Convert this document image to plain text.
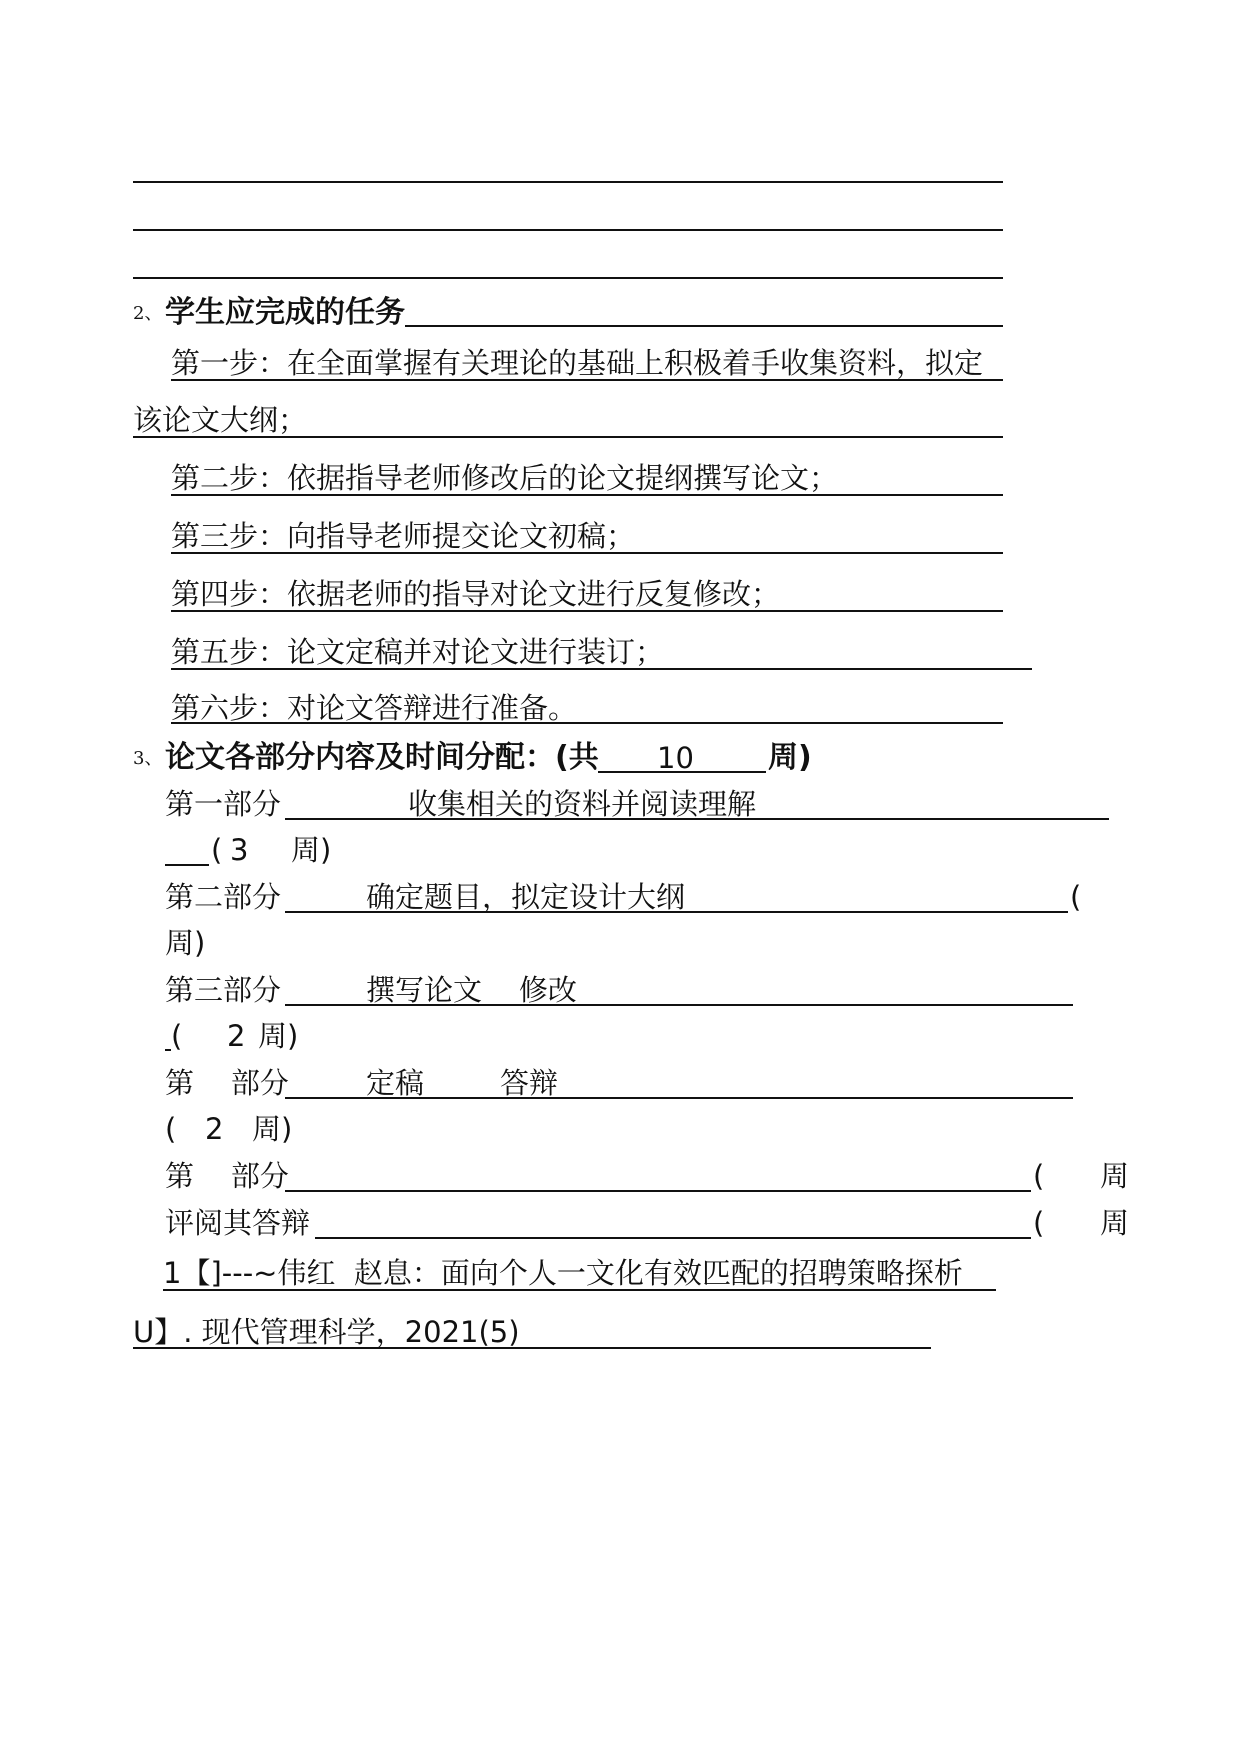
2、 学生应完成的任务
第一步：在全面掌握有关理论的基础上积极着手收集资料，拟定
该论文大纲；
第二步：依据指导老师修改后的论文提纲撰写论文；
第三步：向指导老师提交论文初稿；
第四步：依据老师的指导对论文进行反复修改；
第五步：论文定稿并对论文进行装订；
第六步：对论文答辩进行准备。
3、 论文各部分内容及时间分配：(共 10 周)
第一部分	收集相关的资料并阅读理解
( 3 周)
第二部分	确定题目，拟定设计大纲	(
周)
第三部分	撰写论文    修改
( 2 周)
第    部分	定稿	答辩
( 2 周)
第    部分	( 周
评阅其答辩	( 周
1【]---~伟红  赵息：面向个人一文化有效匹配的招聘策略探析
U】. 现代管理科学，2021(5)
